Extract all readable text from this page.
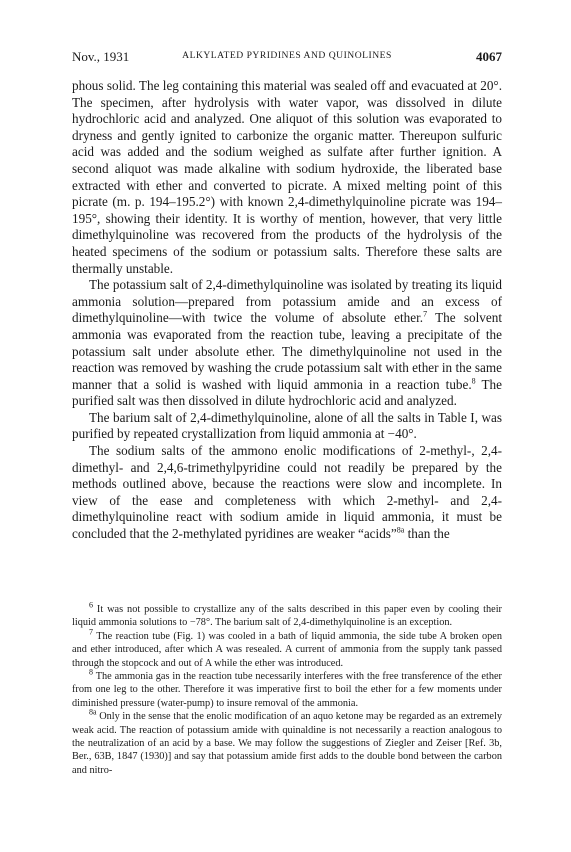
Nov., 1931	ALKYLATED PYRIDINES AND QUINOLINES	4067

phous solid. The leg containing this material was sealed off and evacuated at 20°. The specimen, after hydrolysis with water vapor, was dissolved in dilute hydrochloric acid and analyzed. One aliquot of this solution was evaporated to dryness and gently ignited to carbonize the organic matter. Thereupon sulfuric acid was added and the sodium weighed as sulfate after further ignition. A second aliquot was made alkaline with sodium hydroxide, the liberated base extracted with ether and converted to picrate. A mixed melting point of this picrate (m. p. 194–195.2°) with known 2,4-dimethylquinoline picrate was 194–195°, showing their identity. It is worthy of mention, however, that very little dimethylquinoline was recovered from the products of the hydrolysis of the heated specimens of the sodium or potassium salts. Therefore these salts are thermally unstable.

The potassium salt of 2,4-dimethylquinoline was isolated by treating its liquid ammonia solution—prepared from potassium amide and an excess of dimethylquinoline—with twice the volume of absolute ether.$^7$ The solvent ammonia was evaporated from the reaction tube, leaving a precipitate of the potassium salt under absolute ether. The dimethylquinoline not used in the reaction was removed by washing the crude potassium salt with ether in the same manner that a solid is washed with liquid ammonia in a reaction tube.$^8$ The purified salt was then dissolved in dilute hydrochloric acid and analyzed.

The barium salt of 2,4-dimethylquinoline, alone of all the salts in Table I, was purified by repeated crystallization from liquid ammonia at −40°.

The sodium salts of the ammono enolic modifications of 2-methyl-, 2,4-dimethyl- and 2,4,6-trimethylpyridine could not readily be prepared by the methods outlined above, because the reactions were slow and incomplete. In view of the ease and completeness with which 2-methyl- and 2,4-dimethylquinoline react with sodium amide in liquid ammonia, it must be concluded that the 2-methylated pyridines are weaker “acids”$^{8a}$ than the

$^6$ It was not possible to crystallize any of the salts described in this paper even by cooling their liquid ammonia solutions to −78°. The barium salt of 2,4-dimethylquinoline is an exception.

$^7$ The reaction tube (Fig. 1) was cooled in a bath of liquid ammonia, the side tube A broken open and ether introduced, after which A was resealed. A current of ammonia from the supply tank passed through the stopcock and out of A while the ether was introduced.

$^8$ The ammonia gas in the reaction tube necessarily interferes with the free transference of the ether from one leg to the other. Therefore it was imperative first to boil the ether for a few moments under diminished pressure (water-pump) to insure removal of the ammonia.

$^{8a}$ Only in the sense that the enolic modification of an aquo ketone may be regarded as an extremely weak acid. The reaction of potassium amide with quinaldine is not necessarily a reaction analogous to the neutralization of an acid by a base. We may follow the suggestions of Ziegler and Zeiser [Ref. 3b, Ber., 63B, 1847 (1930)] and say that potassium amide first adds to the double bond between the carbon and nitro-
